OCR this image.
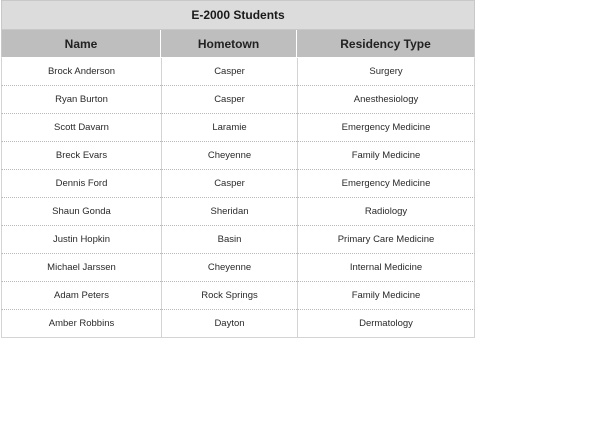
E-2000 Students		
Name	Hometown	Residency Type
Brock Anderson	Casper	Surgery
Ryan Burton	Casper	Anesthesiology
Scott Davarn	Laramie	Emergency Medicine
Breck Evars	Cheyenne	Family Medicine
Dennis Ford	Casper	Emergency Medicine
Shaun Gonda	Sheridan	Radiology
Justin Hopkin	Basin	Primary Care Medicine
Michael Jarssen	Cheyenne	Internal Medicine
Adam Peters	Rock Springs	Family Medicine
Amber Robbins	Dayton	Dermatology
